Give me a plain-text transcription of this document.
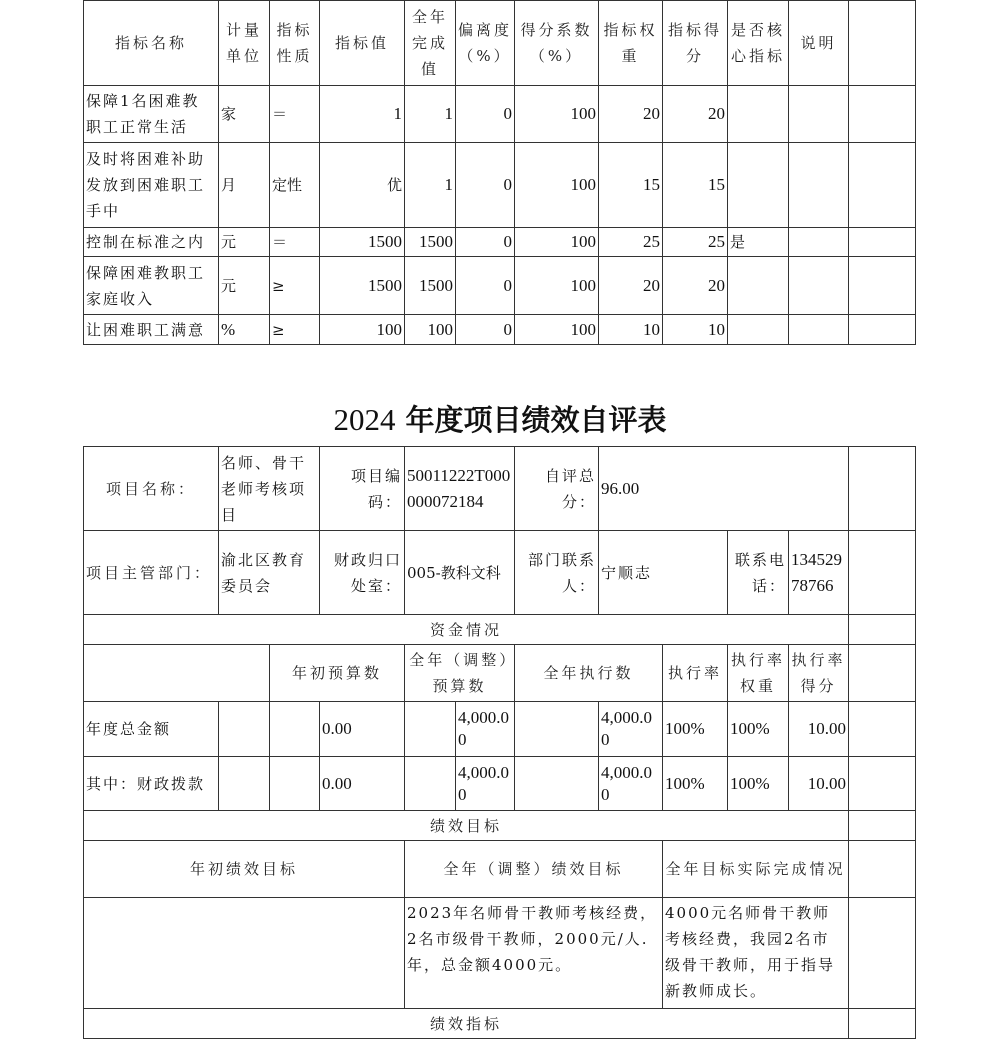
指标名称	计量单位	指标性质	指标值	全年完成值	偏离度（%）	得分系数（%）	指标权重	指标得分	是否核心指标	说明	
保障1名困难教职工正常生活	家	＝	1	1	0	100	20	20			
及时将困难补助发放到困难职工手中	月	定性	优	1	0	100	15	15			
控制在标准之内	元	＝	1500	1500	0	100	25	25	是		
保障困难教职工家庭收入	元	≥	1500	1500	0	100	20	20			
让困难职工满意	%	≥	100	100	0	100	10	10			
2024 年度项目绩效自评表
项目名称：	名师、骨干老师考核项目		项目编码：	50011222T000000072184		自评总分：	96.00				
项目主管部门：	渝北区教育委员会		财政归口处室：	005-教科文科		部门联系人：	宁顺志		联系电话：	13452978766	
资金情况											
		年初预算数		全年（调整）预算数		全年执行数		执行率	执行率权重	执行率得分	
年度总金额			0.00		4,000.00		4,000.00	100%	100%	10.00	
其中：财政拨款			0.00		4,000.00		4,000.00	100%	100%	10.00	
绩效目标											
年初绩效目标				全年（调整）绩效目标				全年目标实际完成情况			
				2023年名师骨干教师考核经费，2名市级骨干教师，2000元/人.年，总金额4000元。				4000元名师骨干教师考核经费，我园2名市级骨干教师，用于指导新教师成长。			
绩效指标											
